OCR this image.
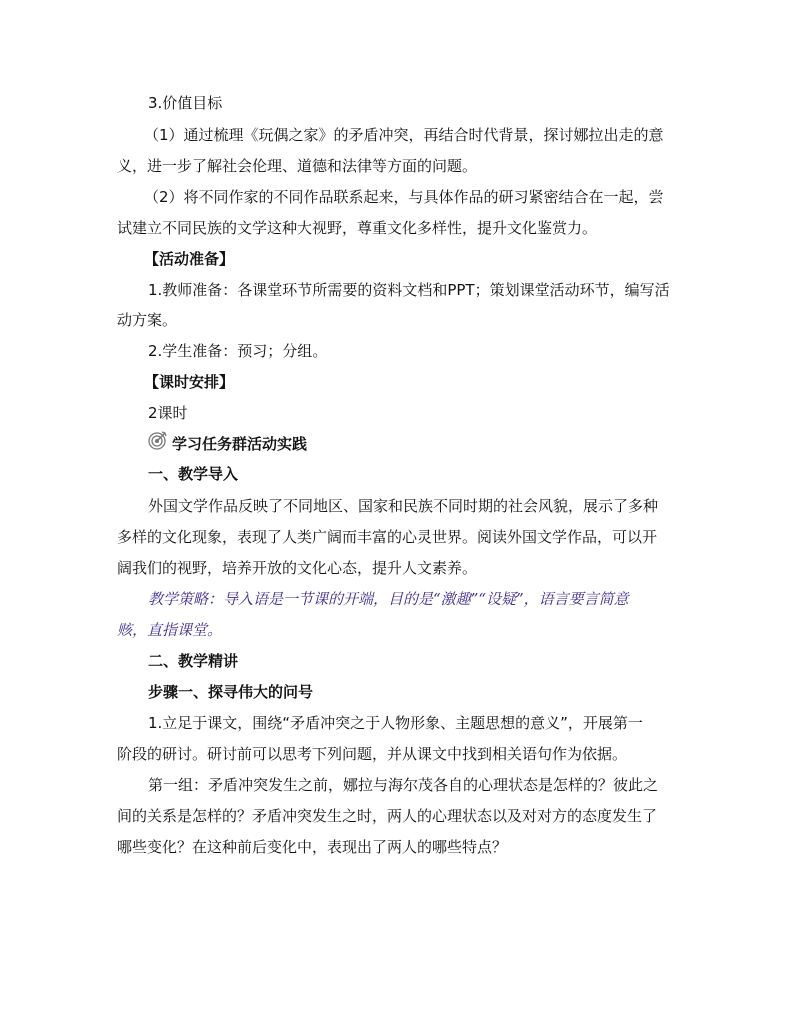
3.价值目标
（1）通过梳理《玩偶之家》的矛盾冲突，再结合时代背景，探讨娜拉出走的意
义，进一步了解社会伦理、道德和法律等方面的问题。
（2）将不同作家的不同作品联系起来，与具体作品的研习紧密结合在一起，尝
试建立不同民族的文学这种大视野，尊重文化多样性，提升文化鉴赏力。
【活动准备】
1.教师准备：各课堂环节所需要的资料文档和PPT；策划课堂活动环节，编写活
动方案。
2.学生准备：预习；分组。
【课时安排】
2课时
学习任务群活动实践
一、教学导入
外国文学作品反映了不同地区、国家和民族不同时期的社会风貌，展示了多种
多样的文化现象，表现了人类广阔而丰富的心灵世界。阅读外国文学作品，可以开
阔我们的视野，培养开放的文化心态，提升人文素养。
教学策略：导入语是一节课的开端，目的是“激趣”“设疑”，语言要言简意
赅，直指课堂。
二、教学精讲
步骤一、探寻伟大的问号
1.立足于课文，围绕“矛盾冲突之于人物形象、主题思想的意义”，开展第一
阶段的研讨。研讨前可以思考下列问题，并从课文中找到相关语句作为依据。
第一组：矛盾冲突发生之前，娜拉与海尔茂各自的心理状态是怎样的？彼此之
间的关系是怎样的？矛盾冲突发生之时，两人的心理状态以及对对方的态度发生了
哪些变化？在这种前后变化中，表现出了两人的哪些特点？
